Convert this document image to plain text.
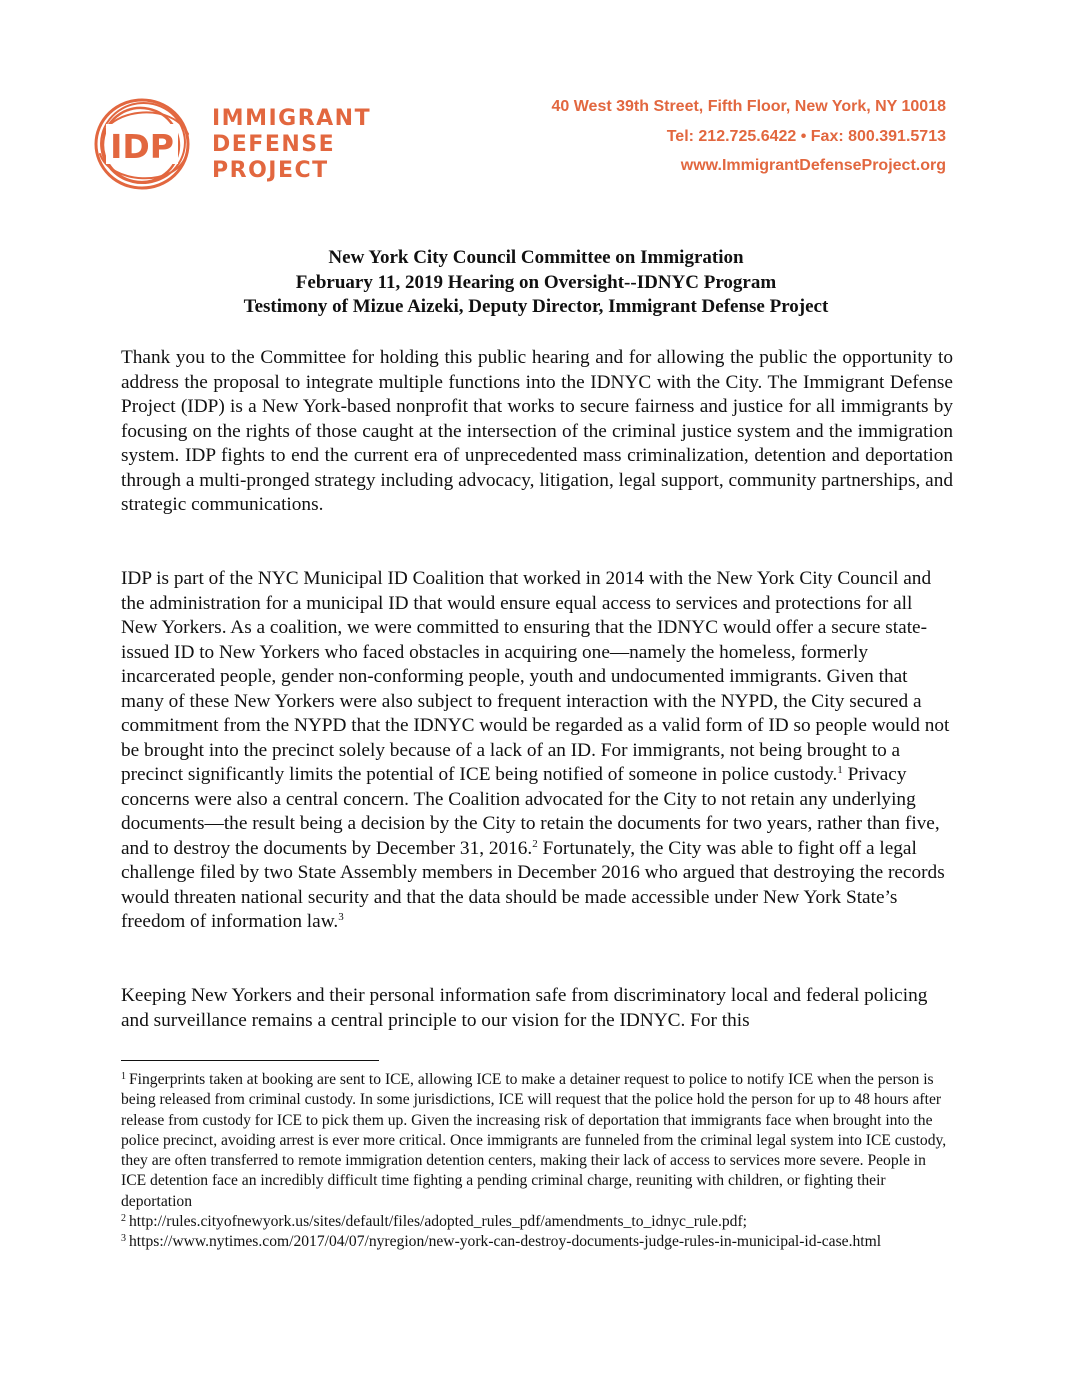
IDP
IMMIGRANT
DEFENSE
PROJECT
40 West 39th Street, Fifth Floor, New York, NY 10018
Tel: 212.725.6422 • Fax: 800.391.5713
www.ImmigrantDefenseProject.org
New York City Council Committee on Immigration
February 11, 2019 Hearing on Oversight--IDNYC Program
Testimony of Mizue Aizeki, Deputy Director, Immigrant Defense Project

Thank you to the Committee for holding this public hearing and for allowing the public the opportunity to address the proposal to integrate multiple functions into the IDNYC with the City. The Immigrant Defense Project (IDP) is a New York-based nonprofit that works to secure fairness and justice for all immigrants by focusing on the rights of those caught at the intersection of the criminal justice system and the immigration system. IDP fights to end the current era of unprecedented mass criminalization, detention and deportation through a multi-pronged strategy including advocacy, litigation, legal support, community partnerships, and strategic communications.

IDP is part of the NYC Municipal ID Coalition that worked in 2014 with the New York City Council and the administration for a municipal ID that would ensure equal access to services and protections for all New Yorkers. As a coalition, we were committed to ensuring that the IDNYC would offer a secure state-issued ID to New Yorkers who faced obstacles in acquiring one—namely the homeless, formerly incarcerated people, gender non-conforming people, youth and undocumented immigrants. Given that many of these New Yorkers were also subject to frequent interaction with the NYPD, the City secured a commitment from the NYPD that the IDNYC would be regarded as a valid form of ID so people would not be brought into the precinct solely because of a lack of an ID. For immigrants, not being brought to a precinct significantly limits the potential of ICE being notified of someone in police custody.$^1$ Privacy concerns were also a central concern. The Coalition advocated for the City to not retain any underlying documents—the result being a decision by the City to retain the documents for two years, rather than five, and to destroy the documents by December 31, 2016.$^2$ Fortunately, the City was able to fight off a legal challenge filed by two State Assembly members in December 2016 who argued that destroying the records would threaten national security and that the data should be made accessible under New York State’s freedom of information law.$^3$

Keeping New Yorkers and their personal information safe from discriminatory local and federal policing and surveillance remains a central principle to our vision for the IDNYC. For this

$^1$ Fingerprints taken at booking are sent to ICE, allowing ICE to make a detainer request to police to notify ICE when the person is being released from criminal custody. In some jurisdictions, ICE will request that the police hold the person for up to 48 hours after release from custody for ICE to pick them up. Given the increasing risk of deportation that immigrants face when brought into the police precinct, avoiding arrest is ever more critical. Once immigrants are funneled from the criminal legal system into ICE custody, they are often transferred to remote immigration detention centers, making their lack of access to services more severe. People in ICE detention face an incredibly difficult time fighting a pending criminal charge, reuniting with children, or fighting their deportation

$^2$ http://rules.cityofnewyork.us/sites/default/files/adopted_rules_pdf/amendments_to_idnyc_rule.pdf;

$^3$ https://www.nytimes.com/2017/04/07/nyregion/new-york-can-destroy-documents-judge-rules-in-municipal-id-case.html
